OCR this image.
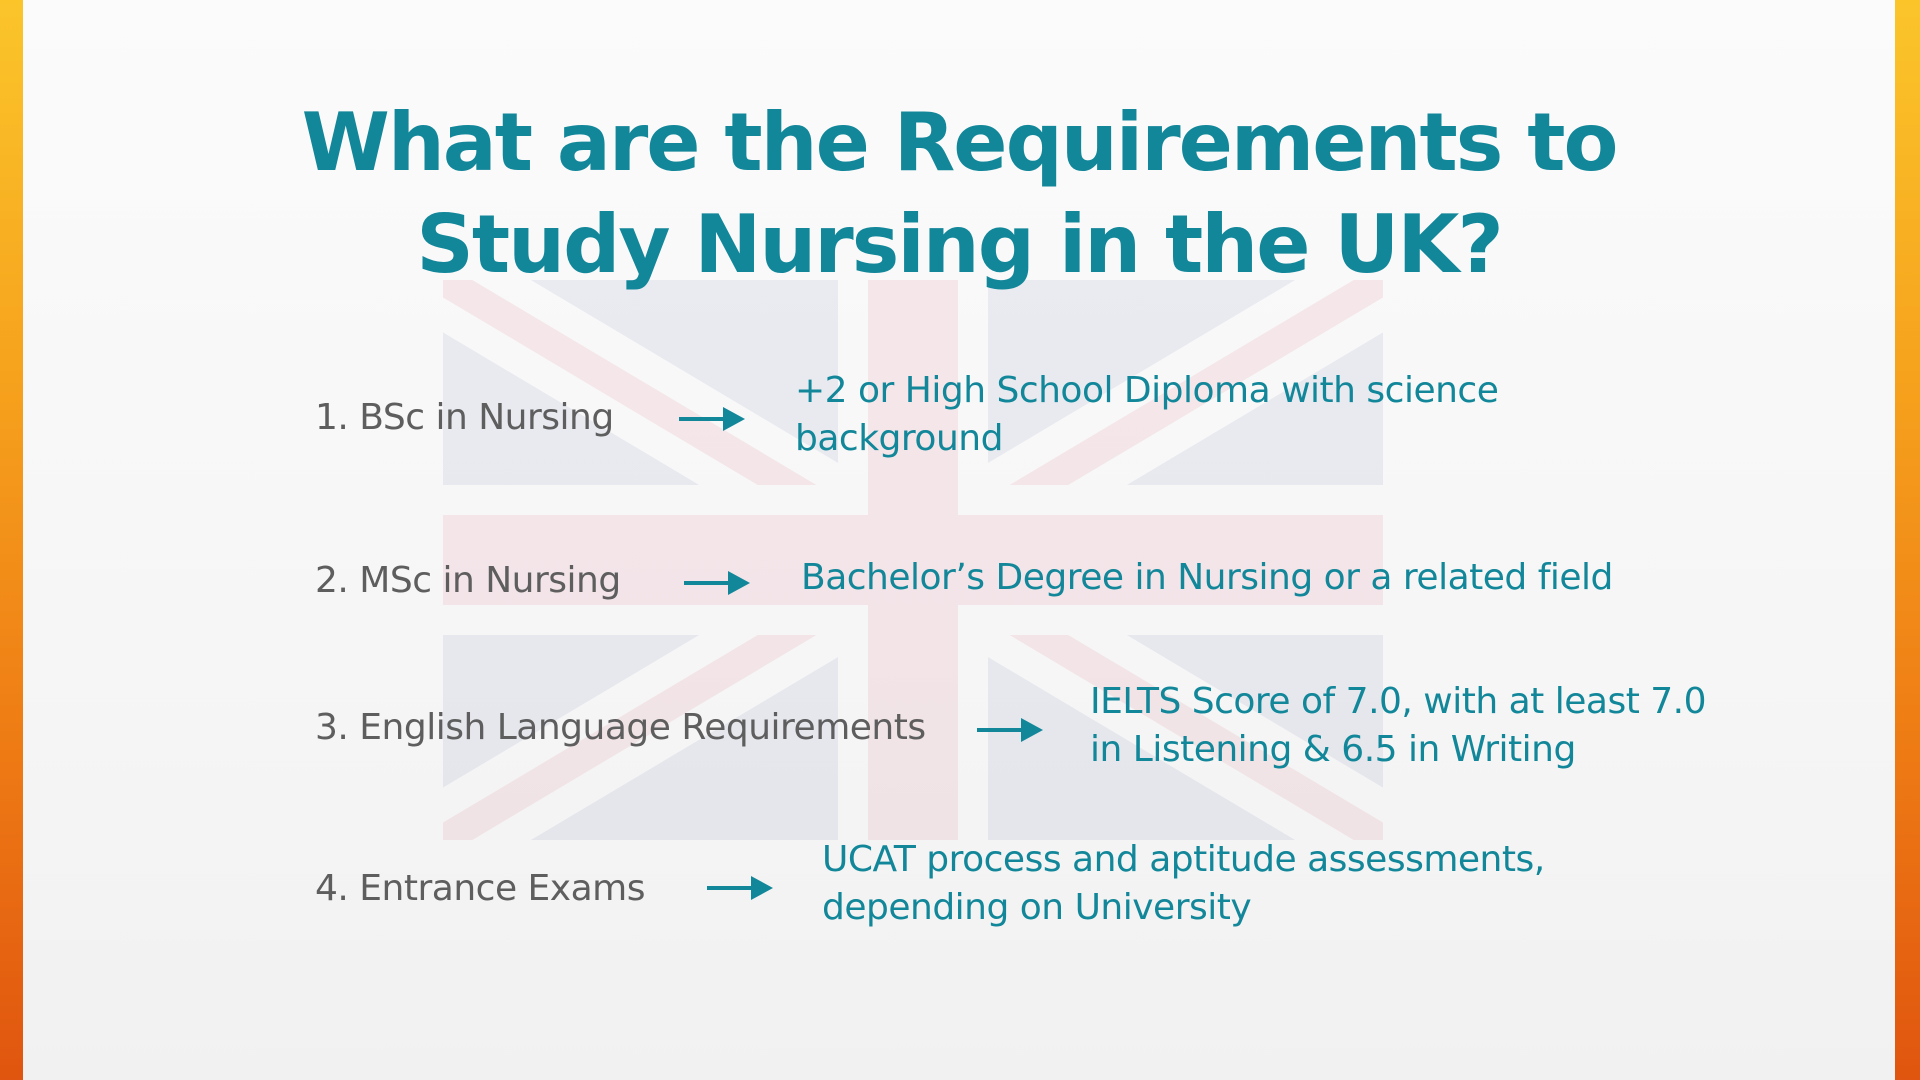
What are the Requirements to
Study Nursing in the UK?
1. BSc in Nursing
+2 or High School Diploma with science
background
2. MSc in Nursing	Bachelor’s Degree in Nursing or a related field
3. English Language Requirements
IELTS Score of 7.0, with at least 7.0
in Listening & 6.5 in Writing
4. Entrance Exams
UCAT process and aptitude assessments,
depending on University
